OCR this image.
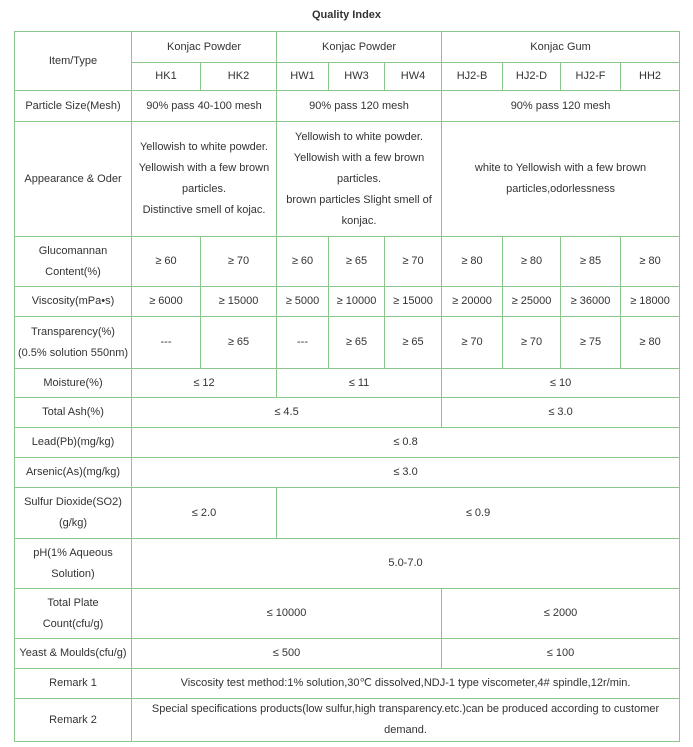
Quality Index
Item/Type	Konjac Powder		Konjac Powder			Konjac Gum			
	HK1	HK2	HW1	HW3	HW4	HJ2-B	HJ2-D	HJ2-F	HH2
Particle Size(Mesh)	90% pass 40-100 mesh		90% pass 120 mesh			90% pass 120 mesh			
Appearance & Oder	Yellowish to white powder.
Yellowish with a few brown
particles.
Distinctive smell of kojac.		Yellowish to white powder.
Yellowish with a few brown
particles.
brown particles Slight smell of
konjac.			white to Yellowish with a few brown
particles,odorlessness			

Glucomannan
Content(%)	≥ 60	≥ 70	≥ 60	≥ 65	≥ 70	≥ 80	≥ 80	≥ 85	≥ 80
Viscosity(mPa•s)	≥ 6000	≥ 15000	≥ 5000	≥ 10000	≥ 15000	≥ 20000	≥ 25000	≥ 36000	≥ 18000

Transparency(%)
(0.5% solution 550nm)	---	≥ 65	---	≥ 65	≥ 65	≥ 70	≥ 70	≥ 75	≥ 80
Moisture(%)	≤ 12		≤ 11			≤ 10			
Total Ash(%)	≤ 4.5					≤ 3.0			
Lead(Pb)(mg/kg)	≤ 0.8								
Arsenic(As)(mg/kg)	≤ 3.0								

Sulfur Dioxide(SO2)
(g/kg)	≤ 2.0		≤ 0.9						

pH(1% Aqueous
Solution)	5.0-7.0								

Total Plate
Count(cfu/g)	≤ 10000					≤ 2000			
Yeast & Moulds(cfu/g)	≤ 500					≤ 100			
Remark 1	Viscosity test method:1% solution,30℃ dissolved,NDJ-1 type viscometer,4# spindle,12r/min.								
Remark 2	Special specifications products(low sulfur,high transparency.etc.)can be produced according to customer demand.								
